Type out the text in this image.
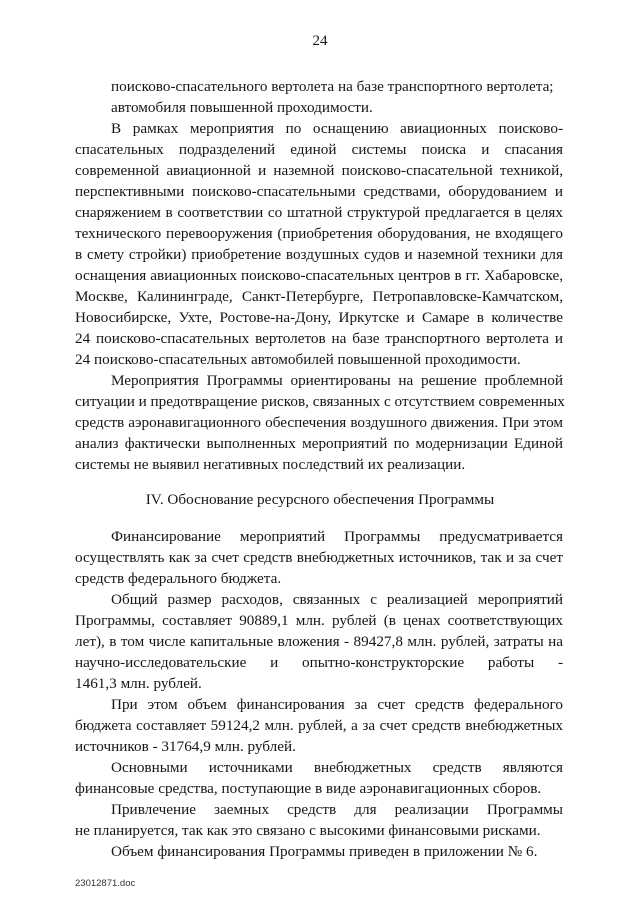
24
поисково-спасательного вертолета на базе транспортного вертолета;
автомобиля повышенной проходимости.
В рамках мероприятия по оснащению авиационных поисково-
спасательных подразделений единой системы поиска и спасания
современной авиационной и наземной поисково-спасательной техникой,
перспективными поисково-спасательными средствами, оборудованием и
снаряжением в соответствии со штатной структурой предлагается в целях
технического перевооружения (приобретения оборудования, не входящего
в смету стройки) приобретение воздушных судов и наземной техники для
оснащения авиационных поисково-спасательных центров в гг. Хабаровске,
Москве, Калининграде, Санкт-Петербурге, Петропавловске-Камчатском,
Новосибирске, Ухте, Ростове-на-Дону, Иркутске и Самаре в количестве
24 поисково-спасательных вертолетов на базе транспортного вертолета и
24 поисково-спасательных автомобилей повышенной проходимости.
Мероприятия Программы ориентированы на решение проблемной
ситуации и предотвращение рисков, связанных с отсутствием современных
средств аэронавигационного обеспечения воздушного движения. При этом
анализ фактически выполненных мероприятий по модернизации Единой
системы не выявил негативных последствий их реализации.
IV. Обоснование ресурсного обеспечения Программы
Финансирование мероприятий Программы предусматривается
осуществлять как за счет средств внебюджетных источников, так и за счет
средств федерального бюджета.
Общий размер расходов, связанных с реализацией мероприятий
Программы, составляет 90889,1 млн. рублей (в ценах соответствующих
лет), в том числе капитальные вложения - 89427,8 млн. рублей, затраты на
научно-исследовательские и опытно-конструкторские работы -
1461,3 млн. рублей.
При этом объем финансирования за счет средств федерального
бюджета составляет 59124,2 млн. рублей, а за счет средств внебюджетных
источников - 31764,9 млн. рублей.
Основными источниками внебюджетных средств являются
финансовые средства, поступающие в виде аэронавигационных сборов.
Привлечение заемных средств для реализации Программы
не планируется, так как это связано с высокими финансовыми рисками.
Объем финансирования Программы приведен в приложении № 6.
23012871.doc
